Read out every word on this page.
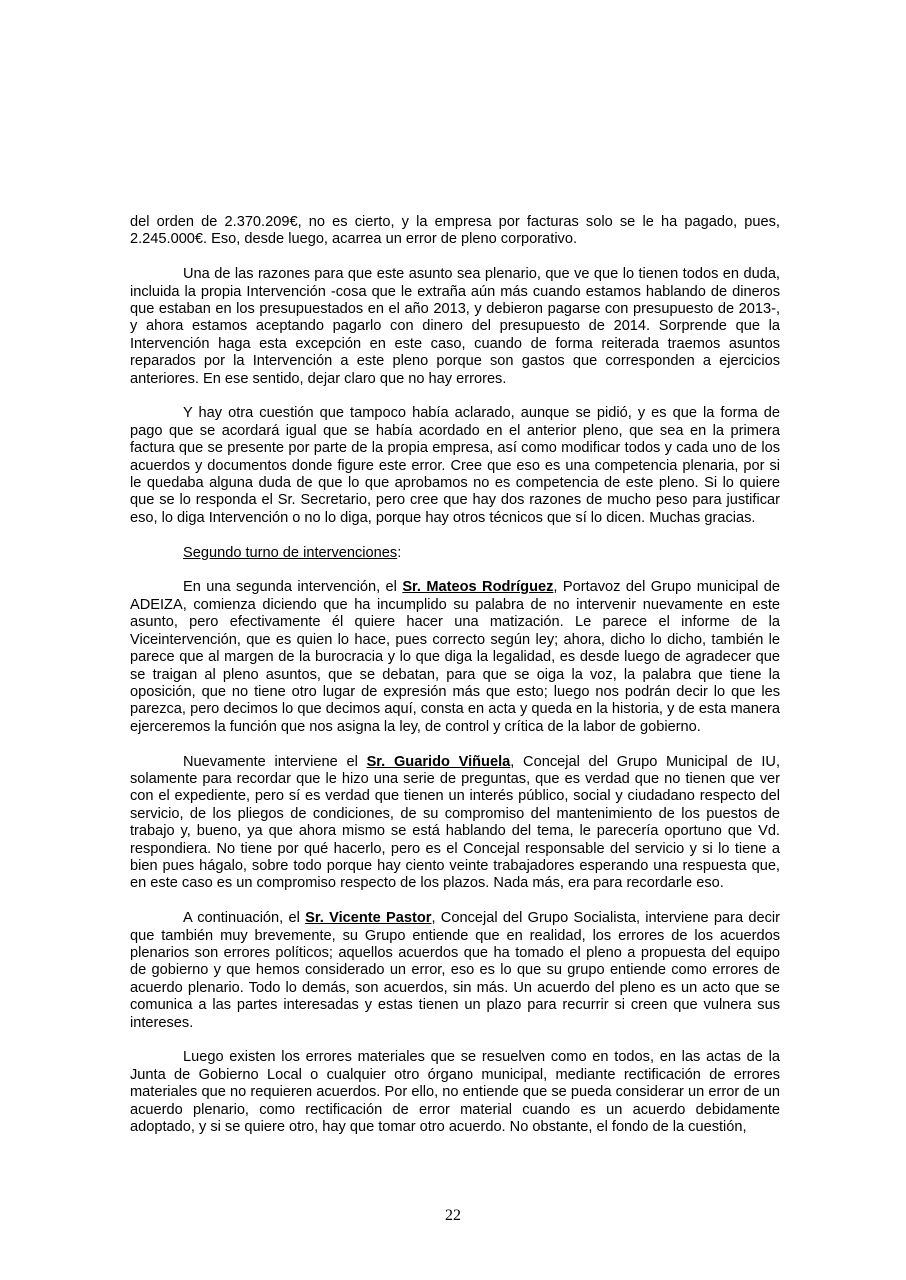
del orden de 2.370.209€, no es cierto, y la empresa por facturas solo se le ha pagado, pues, 2.245.000€. Eso, desde luego, acarrea un error de pleno corporativo.

Una de las razones para que este asunto sea plenario, que ve que lo tienen todos en duda, incluida la propia Intervención -cosa que le extraña aún más cuando estamos hablando de dineros que estaban en los presupuestados en el año 2013, y debieron pagarse con presupuesto de 2013-, y ahora estamos aceptando pagarlo con dinero del presupuesto de 2014. Sorprende que la Intervención haga esta excepción en este caso, cuando de forma reiterada traemos asuntos reparados por la Intervención a este pleno porque son gastos que corresponden a ejercicios anteriores. En ese sentido, dejar claro que no hay errores.

Y hay otra cuestión que tampoco había aclarado, aunque se pidió, y es que la forma de pago que se acordará igual que se había acordado en el anterior pleno, que sea en la primera factura que se presente por parte de la propia empresa, así como modificar todos y cada uno de los acuerdos y documentos donde figure este error. Cree que eso es una competencia plenaria, por si le quedaba alguna duda de que lo que aprobamos no es competencia de este pleno. Si lo quiere que se lo responda el Sr. Secretario, pero cree que hay dos razones de mucho peso para justificar eso, lo diga Intervención o no lo diga, porque hay otros técnicos que sí lo dicen. Muchas gracias.

Segundo turno de intervenciones:

En una segunda intervención, el Sr. Mateos Rodríguez, Portavoz del Grupo municipal de ADEIZA, comienza diciendo que ha incumplido su palabra de no intervenir nuevamente en este asunto, pero efectivamente él quiere hacer una matización. Le parece el informe de la Viceintervención, que es quien lo hace, pues correcto según ley; ahora, dicho lo dicho, también le parece que al margen de la burocracia y lo que diga la legalidad, es desde luego de agradecer que se traigan al pleno asuntos, que se debatan, para que se oiga la voz, la palabra que tiene la oposición, que no tiene otro lugar de expresión más que esto; luego nos podrán decir lo que les parezca, pero decimos lo que decimos aquí, consta en acta y queda en la historia, y de esta manera ejerceremos la función que nos asigna la ley, de control y crítica de la labor de gobierno.

Nuevamente interviene el Sr. Guarido Viñuela, Concejal del Grupo Municipal de IU, solamente para recordar que le hizo una serie de preguntas, que es verdad que no tienen que ver con el expediente, pero sí es verdad que tienen un interés público, social y ciudadano respecto del servicio, de los pliegos de condiciones, de su compromiso del mantenimiento de los puestos de trabajo y, bueno, ya que ahora mismo se está hablando del tema, le parecería oportuno que Vd. respondiera. No tiene por qué hacerlo, pero es el Concejal responsable del servicio y si lo tiene a bien pues hágalo, sobre todo porque hay ciento veinte trabajadores esperando una respuesta que, en este caso es un compromiso respecto de los plazos. Nada más, era para recordarle eso.

A continuación, el Sr. Vicente Pastor, Concejal del Grupo Socialista, interviene para decir que también muy brevemente, su Grupo entiende que en realidad, los errores de los acuerdos plenarios son errores políticos; aquellos acuerdos que ha tomado el pleno a propuesta del equipo de gobierno y que hemos considerado un error, eso es lo que su grupo entiende como errores de acuerdo plenario. Todo lo demás, son acuerdos, sin más. Un acuerdo del pleno es un acto que se comunica a las partes interesadas y estas tienen un plazo para recurrir si creen que vulnera sus intereses.

Luego existen los errores materiales que se resuelven como en todos, en las actas de la Junta de Gobierno Local o cualquier otro órgano municipal, mediante rectificación de errores materiales que no requieren acuerdos. Por ello, no entiende que se pueda considerar un error de un acuerdo plenario, como rectificación de error material cuando es un acuerdo debidamente adoptado, y si se quiere otro, hay que tomar otro acuerdo. No obstante, el fondo de la cuestión,

22
